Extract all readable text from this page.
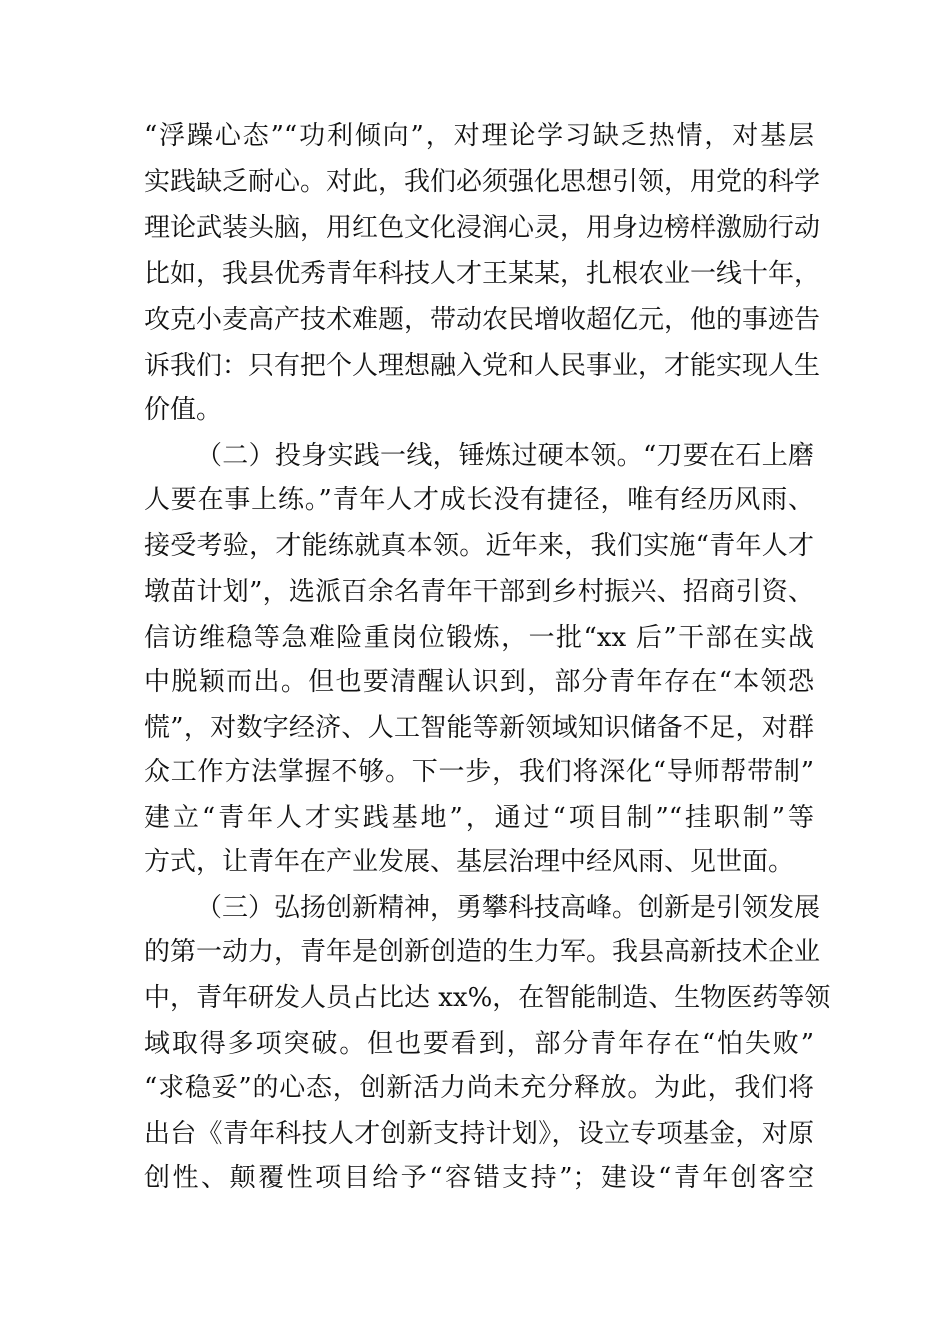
“浮躁心态”“功利倾向”，对理论学习缺乏热情，对基层
实践缺乏耐心。对此，我们必须强化思想引领，用党的科学
理论武装头脑，用红色文化浸润心灵，用身边榜样激励行动
比如，我县优秀青年科技人才王某某，扎根农业一线十年，
攻克小麦高产技术难题，带动农民增收超亿元，他的事迹告
诉我们：只有把个人理想融入党和人民事业，才能实现人生
价值。
（二）投身实践一线，锤炼过硬本领。“刀要在石上磨
人要在事上练。”青年人才成长没有捷径，唯有经历风雨、
接受考验，才能练就真本领。近年来，我们实施“青年人才
墩苗计划”，选派百余名青年干部到乡村振兴、招商引资、
信访维稳等急难险重岗位锻炼，一批“xx 后”干部在实战
中脱颖而出。但也要清醒认识到，部分青年存在“本领恐
慌”，对数字经济、人工智能等新领域知识储备不足，对群
众工作方法掌握不够。下一步，我们将深化“导师帮带制”
建立“青年人才实践基地”，通过“项目制”“挂职制”等
方式，让青年在产业发展、基层治理中经风雨、见世面。
（三）弘扬创新精神，勇攀科技高峰。创新是引领发展
的第一动力，青年是创新创造的生力军。我县高新技术企业
中，青年研发人员占比达 xx%，在智能制造、生物医药等领
域取得多项突破。但也要看到，部分青年存在“怕失败”
“求稳妥”的心态，创新活力尚未充分释放。为此，我们将
出台《青年科技人才创新支持计划》，设立专项基金，对原
创性、颠覆性项目给予“容错支持”；建设“青年创客空
